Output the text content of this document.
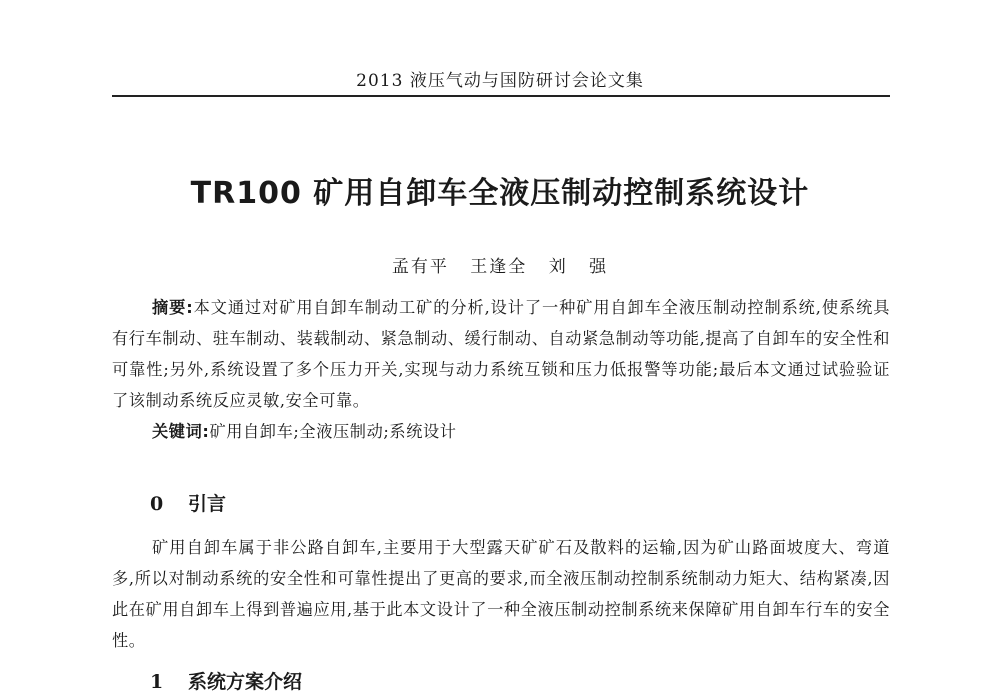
2013 液压气动与国防研讨会论文集
TR100 矿用自卸车全液压制动控制系统设计
孟有平 王逢全 刘 强
摘要:本文通过对矿用自卸车制动工矿的分析,设计了一种矿用自卸车全液压制动控制系统,使系统具有行车制动、驻车制动、装载制动、紧急制动、缓行制动、自动紧急制动等功能,提高了自卸车的安全性和可靠性;另外,系统设置了多个压力开关,实现与动力系统互锁和压力低报警等功能;最后本文通过试验验证了该制动系统反应灵敏,安全可靠。
关键词:矿用自卸车;全液压制动;系统设计
0 引言
矿用自卸车属于非公路自卸车,主要用于大型露天矿矿石及散料的运输,因为矿山路面坡度大、弯道多,所以对制动系统的安全性和可靠性提出了更高的要求,而全液压制动控制系统制动力矩大、结构紧凑,因此在矿用自卸车上得到普遍应用,基于此本文设计了一种全液压制动控制系统来保障矿用自卸车行车的安全性。
1 系统方案介绍
